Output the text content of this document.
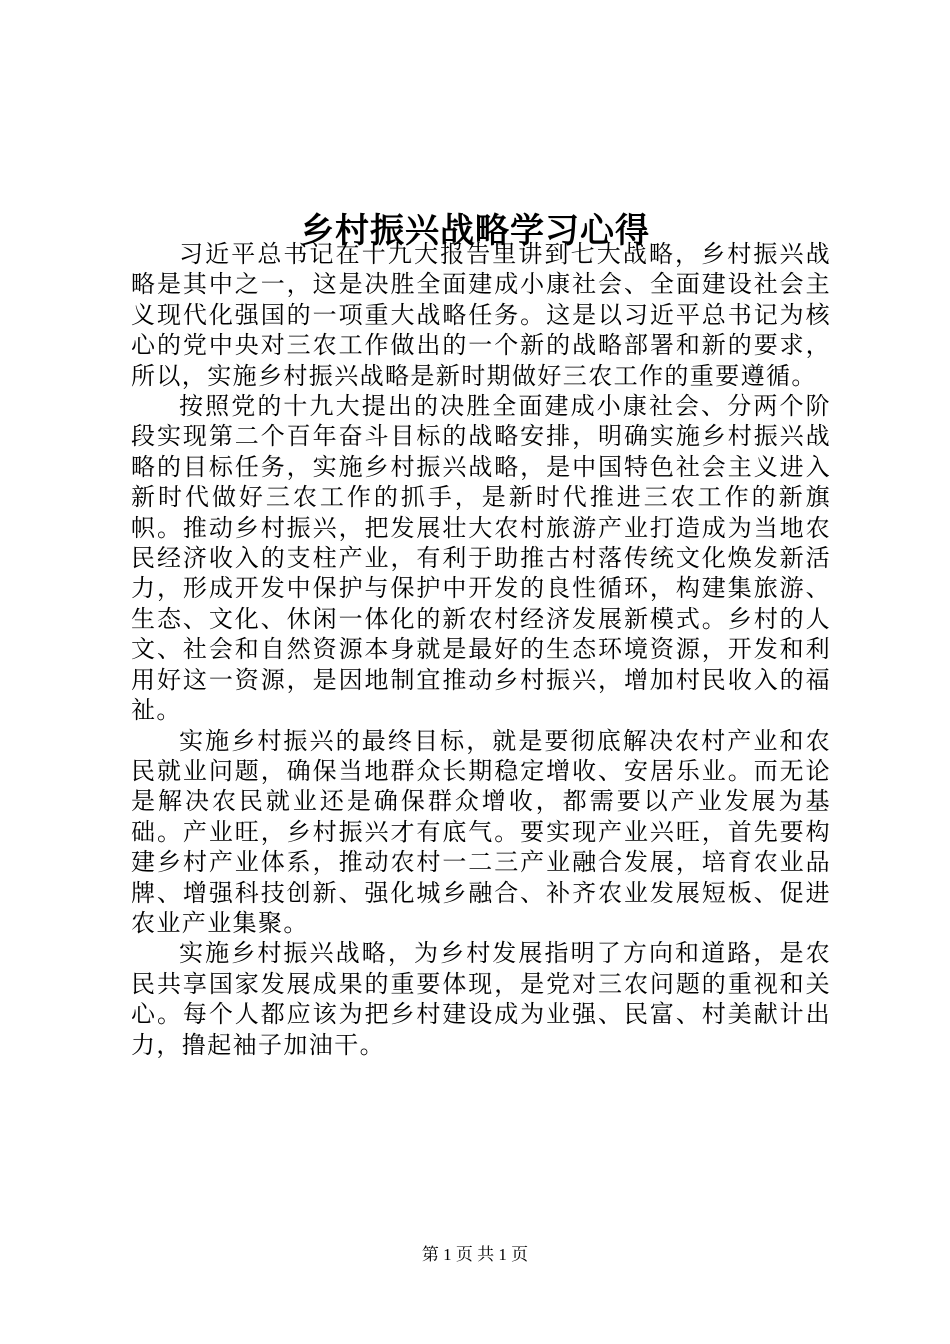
乡村振兴战略学习心得

习近平总书记在十九大报告里讲到七大战略，乡村振兴战略是其中之一，这是决胜全面建成小康社会、全面建设社会主义现代化强国的一项重大战略任务。这是以习近平总书记为核心的党中央对三农工作做出的一个新的战略部署和新的要求，所以，实施乡村振兴战略是新时期做好三农工作的重要遵循。

按照党的十九大提出的决胜全面建成小康社会、分两个阶段实现第二个百年奋斗目标的战略安排，明确实施乡村振兴战略的目标任务，实施乡村振兴战略，是中国特色社会主义进入新时代做好三农工作的抓手，是新时代推进三农工作的新旗帜。推动乡村振兴，把发展壮大农村旅游产业打造成为当地农民经济收入的支柱产业，有利于助推古村落传统文化焕发新活力，形成开发中保护与保护中开发的良性循环，构建集旅游、生态、文化、休闲一体化的新农村经济发展新模式。乡村的人文、社会和自然资源本身就是最好的生态环境资源，开发和利用好这一资源，是因地制宜推动乡村振兴，增加村民收入的福祉。

实施乡村振兴的最终目标，就是要彻底解决农村产业和农民就业问题，确保当地群众长期稳定增收、安居乐业。而无论是解决农民就业还是确保群众增收，都需要以产业发展为基础。产业旺，乡村振兴才有底气。要实现产业兴旺，首先要构建乡村产业体系，推动农村一二三产业融合发展，培育农业品牌、增强科技创新、强化城乡融合、补齐农业发展短板、促进农业产业集聚。

实施乡村振兴战略，为乡村发展指明了方向和道路，是农民共享国家发展成果的重要体现，是党对三农问题的重视和关心。每个人都应该为把乡村建设成为业强、民富、村美献计出力，撸起袖子加油干。

第 1 页 共 1 页
